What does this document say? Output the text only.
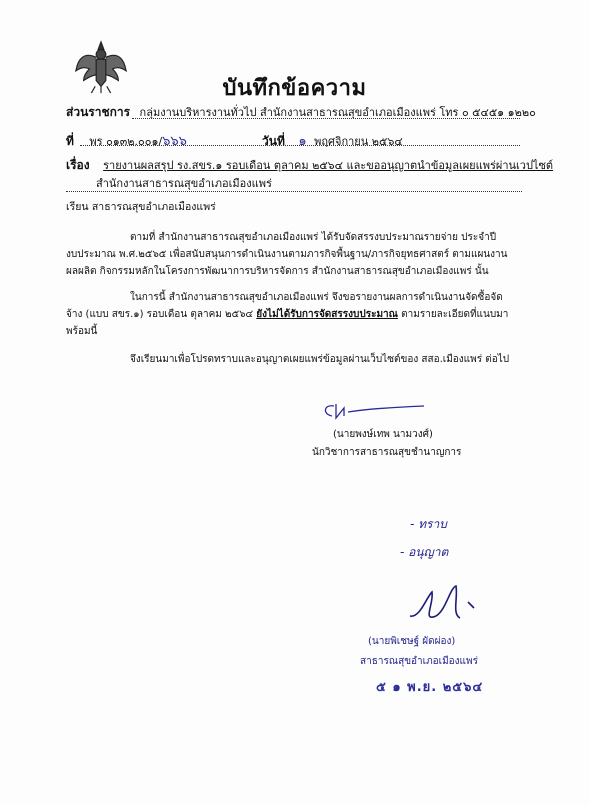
บันทึกข้อความ
ส่วนราชการ กลุ่มงานบริหารงานทั่วไป สำนักงานสาธารณสุขอำเภอเมืองแพร่ โทร ๐ ๕๔๕๑ ๑๒๒๐
ที่ พร ๐๑๓๒.๐๐๑/๖๖๖	วันที่ ๑ พฤศจิกายน ๒๕๖๔
เรื่อง รายงานผลสรุป รง.สขร.๑ รอบเดือน ตุลาคม ๒๕๖๔ และขออนุญาตนำข้อมูลเผยแพร่ผ่านเวปไซต์
สำนักงานสาธารณสุขอำเภอเมืองแพร่
เรียน สาธารณสุขอำเภอเมืองแพร่
ตามที่ สำนักงานสาธารณสุขอำเภอเมืองแพร่ ได้รับจัดสรรงบประมาณรายจ่าย ประจำปี
งบประมาณ พ.ศ.๒๕๖๕ เพื่อสนับสนุนการดำเนินงานตามภารกิจพื้นฐาน/ภารกิจยุทธศาสตร์ ตามแผนงาน
ผลผลิต กิจกรรมหลักในโครงการพัฒนาการบริหารจัดการ สำนักงานสาธารณสุขอำเภอเมืองแพร่ นั้น
ในการนี้ สำนักงานสาธารณสุขอำเภอเมืองแพร่ จึงขอรายงานผลการดำเนินงานจัดซื้อจัด
จ้าง (แบบ สขร.๑) รอบเดือน ตุลาคม ๒๕๖๔ ยังไม่ได้รับการจัดสรรงบประมาณ ตามรายละเอียดที่แนบมา
พร้อมนี้
จึงเรียนมาเพื่อโปรดทราบและอนุญาตเผยแพร่ข้อมูลผ่านเว็บไซต์ของ สสอ.เมืองแพร่ ต่อไป
(นายพงษ์เทพ นามวงศ์)
นักวิชาการสาธารณสุขชำนาญการ
- ทราบ
- อนุญาต
(นายพิเชษฐ์ ผัดผ่อง)
สาธารณสุขอำเภอเมืองแพร่
๕ ๑ พ.ย. ๒๕๖๔
